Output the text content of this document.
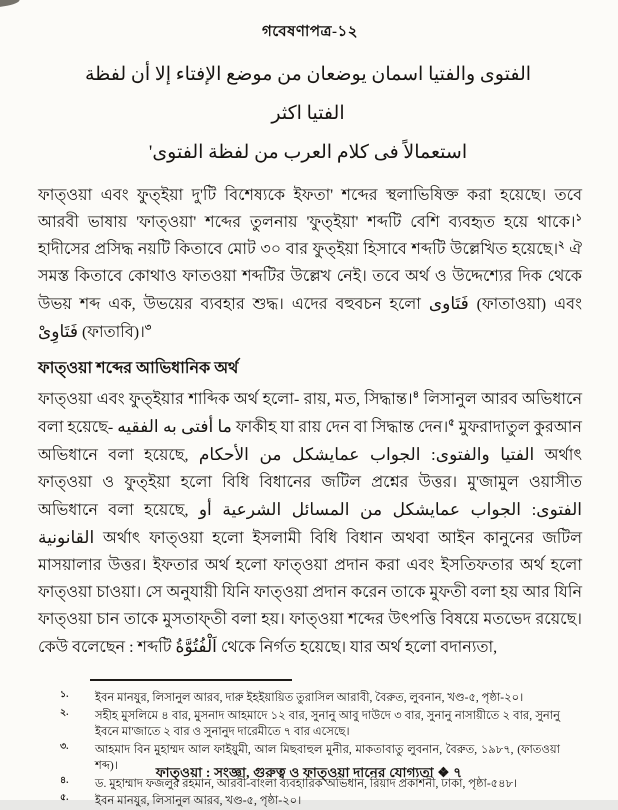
গবেষণাপত্র-১২
الفتوى والفتيا اسمان يوضعان من موضع الإفتاء إلا أن لفظة الفتيا اكثر
استعمالاً فى كلام العرب من لفظة الفتوى'

ফাত্‌ওয়া এবং ফুত্‌ইয়া দু'টি বিশেষ্যকে ইফতা' শব্দের স্থলাভিষিক্ত করা হয়েছে। তবে আরবী ভাষায় 'ফাত্‌ওয়া' শব্দের তুলনায় 'ফুত্‌ইয়া' শব্দটি বেশি ব্যবহৃত হয়ে থাকে।$^১$ হাদীসের প্রসিদ্ধ নয়টি কিতাবে মোট ৩০ বার ফুত্‌ইয়া হিসাবে শব্দটি উল্লেখিত হয়েছে।$^২$ ঐ সমস্ত কিতাবে কোথাও ফাতওয়া শব্দটির উল্লেখ নেই। তবে অর্থ ও উদ্দেশ্যের দিক থেকে উভয় শব্দ এক, উভয়ের ব্যবহার শুদ্ধ। এদের বহুবচন হলো فَتَاوى (ফাতাওয়া) এবং فَتَاوِىْ (ফাতাবি)।$^৩$

ফাত্‌ওয়া শব্দের আভিধানিক অর্থ

ফাত্‌ওয়া এবং ফুত্‌ইয়ার শাব্দিক অর্থ হলো- রায়, মত, সিদ্ধান্ত।$^৪$ লিসানুল আরব অভিধানে বলা হয়েছে- ما أفتى به الفقيه ফাকীহ যা রায় দেন বা সিদ্ধান্ত দেন।$^৫$ মুফরাদাতুল কুরআন অভিধানে বলা হয়েছে, الفتيا والفتوى: الجواب عمايشكل من الأحكام অর্থাৎ ফাত্‌ওয়া ও ফুত্‌ইয়া হলো বিধি বিধানের জটিল প্রশ্নের উত্তর। মু'জামুল ওয়াসীত অভিধানে বলা হয়েছে, الفتوى: الجواب عمايشكل من المسائل الشرعية أو القانونية অর্থাৎ ফাত্‌ওয়া হলো ইসলামী বিধি বিধান অথবা আইন কানুনের জটিল মাসয়ালার উত্তর। ইফতার অর্থ হলো ফাত্‌ওয়া প্রদান করা এবং ইসতিফতার অর্থ হলো ফাত্‌ওয়া চাওয়া। সে অনুযায়ী যিনি ফাত্‌ওয়া প্রদান করেন তাকে মুফতী বলা হয় আর যিনি ফাত্‌ওয়া চান তাকে মুসতাফ্‌তী বলা হয়। ফাত্‌ওয়া শব্দের উৎপত্তি বিষয়ে মতভেদ রয়েছে। কেউ বলেছেন : শব্দটি اَلْفُتُوَّةُ থেকে নির্গত হয়েছে। যার অর্থ হলো বদান্যতা,

১.	ইবন মানযুর, লিসানুল আরব, দারু ইহইয়ায়িত তুরাসিল আরাবী, বৈরুত, লুবনান, খণ্ড-৫, পৃষ্ঠা-২০।
২.	সহীহ মুসলিমে ৪ বার, মুসনাদ আহমাদে ১২ বার, সুনানু আবু দাউদে ৩ বার, সুনানু নাসায়ীতে ২ বার, সুনানু ইবনে মা'জাতে ২ বার ও সুনানুদ দারেমীতে ৭ বার এসেছে।
৩.	আহমাদ বিন মুহাম্মদ আল ফাইয়ুমী, আল মিছবাহুল মুনীর, মাকতাবাতু লুবনান, বৈরুত, ১৯৮৭, (ফাতওয়া শব্দ)।
৪.	ড. মুহাম্মাদ ফজলুর রহমান, আরবী-বাংলা ব্যবহারিক অভিধান, রিয়াদ প্রকাশনী, ঢাকা, পৃষ্ঠা-৫৪৮।
৫.	ইবন মানযুর, লিসানুল আরব, খণ্ড-৫, পৃষ্ঠা-২০।
ফাত্‌ওয়া : সংজ্ঞা, গুরুত্ব ও ফাত্‌ওয়া দানের যোগ্যতা ❖ ৭
